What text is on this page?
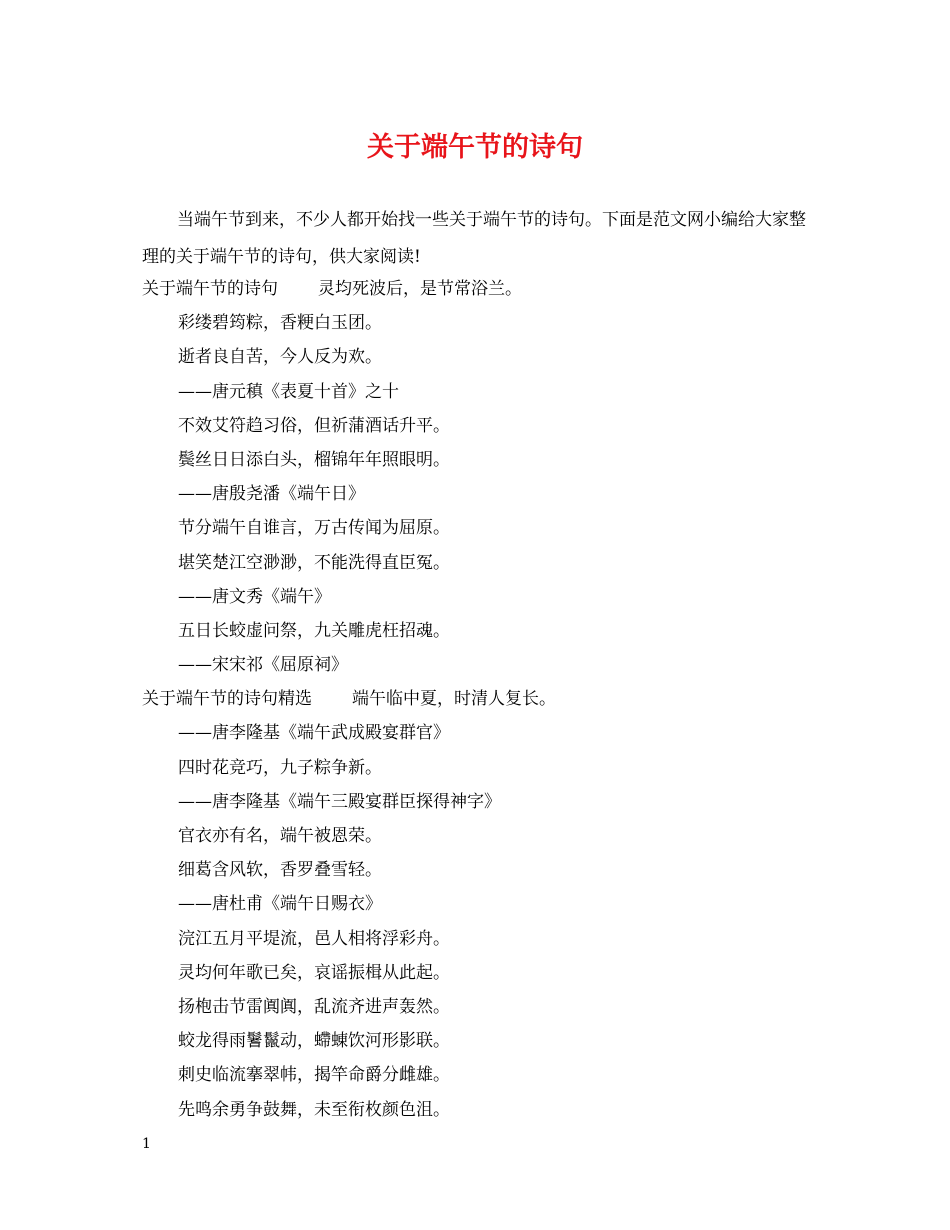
关于端午节的诗句

当端午节到来，不少人都开始找一些关于端午节的诗句。下面是范文网小编给大家整理的关于端午节的诗句，供大家阅读!

关于端午节的诗句 灵均死波后，是节常浴兰。
彩缕碧筠粽，香粳白玉团。
逝者良自苦，今人反为欢。
——唐元稹《表夏十首》之十
不效艾符趋习俗，但祈蒲酒话升平。
鬓丝日日添白头，榴锦年年照眼明。
——唐殷尧潘《端午日》
节分端午自谁言，万古传闻为屈原。
堪笑楚江空渺渺，不能洗得直臣冤。
——唐文秀《端午》
五日长蛟虚问祭，九关雕虎枉招魂。
——宋宋祁《屈原祠》
关于端午节的诗句精选 端午临中夏，时清人复长。
——唐李隆基《端午武成殿宴群官》
四时花竞巧，九子粽争新。
——唐李隆基《端午三殿宴群臣探得神字》
官衣亦有名，端午被恩荣。
细葛含风软，香罗叠雪轻。
——唐杜甫《端午日赐衣》
浣江五月平堤流，邑人相将浮彩舟。
灵均何年歌已矣，哀谣振楫从此起。
扬枹击节雷阗阗，乱流齐进声轰然。
蛟龙得雨鬐鬣动，螮蝀饮河形影联。
刺史临流搴翠帏，揭竿命爵分雌雄。
先鸣余勇争鼓舞，未至衔枚颜色沮。
1
